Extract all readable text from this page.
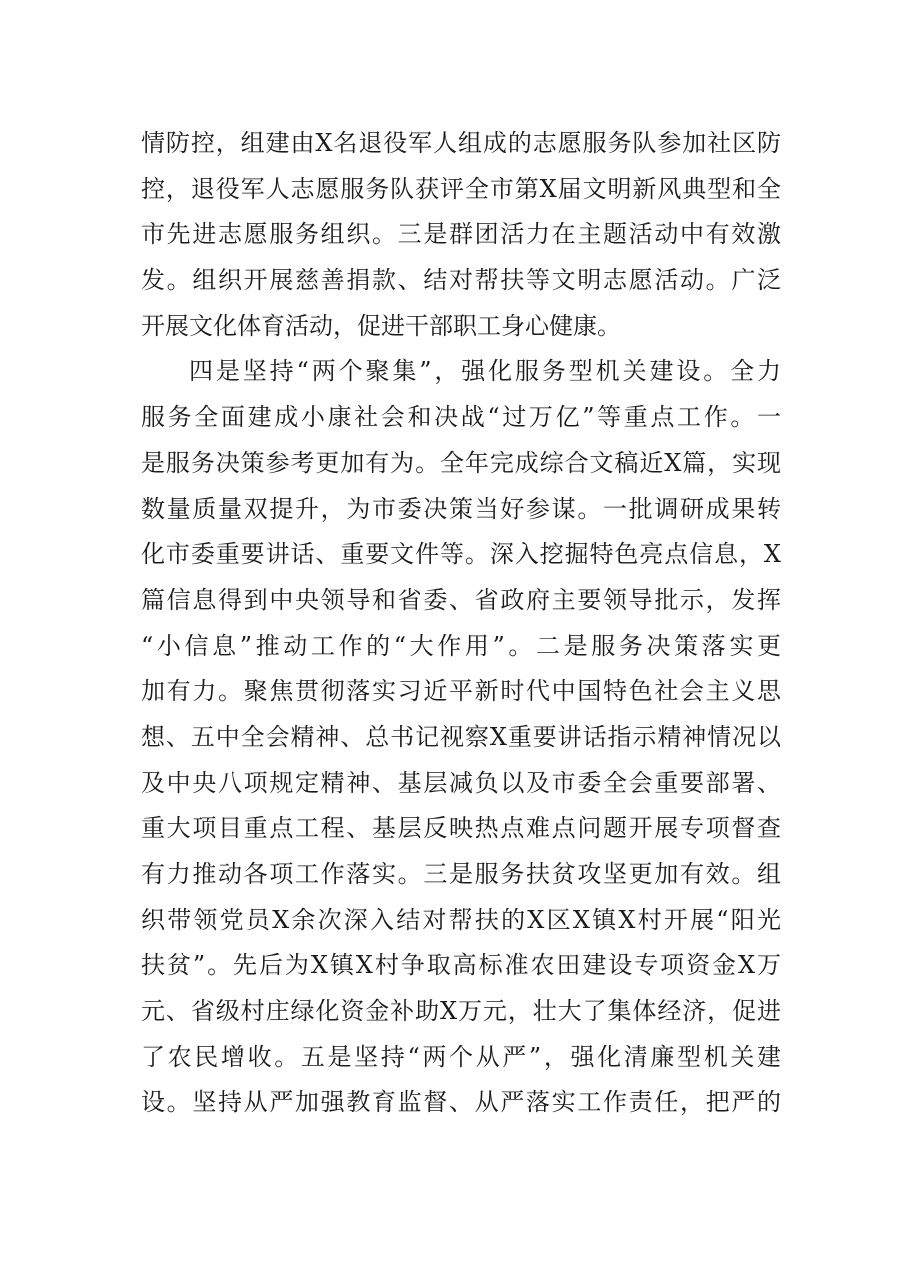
情防控，组建由X名退役军人组成的志愿服务队参加社区防
控，退役军人志愿服务队获评全市第X届文明新风典型和全
市先进志愿服务组织。三是群团活力在主题活动中有效激
发。组织开展慈善捐款、结对帮扶等文明志愿活动。广泛
开展文化体育活动，促进干部职工身心健康。
四是坚持“两个聚集”，强化服务型机关建设。全力
服务全面建成小康社会和决战“过万亿”等重点工作。一
是服务决策参考更加有为。全年完成综合文稿近X篇，实现
数量质量双提升，为市委决策当好参谋。一批调研成果转
化市委重要讲话、重要文件等。深入挖掘特色亮点信息，X
篇信息得到中央领导和省委、省政府主要领导批示，发挥
“小信息”推动工作的“大作用”。二是服务决策落实更
加有力。聚焦贯彻落实习近平新时代中国特色社会主义思
想、五中全会精神、总书记视察X重要讲话指示精神情况以
及中央八项规定精神、基层减负以及市委全会重要部署、
重大项目重点工程、基层反映热点难点问题开展专项督查
有力推动各项工作落实。三是服务扶贫攻坚更加有效。组
织带领党员X余次深入结对帮扶的X区X镇X村开展“阳光
扶贫”。先后为X镇X村争取高标准农田建设专项资金X万
元、省级村庄绿化资金补助X万元，壮大了集体经济，促进
了农民增收。五是坚持“两个从严”，强化清廉型机关建
设。坚持从严加强教育监督、从严落实工作责任，把严的
